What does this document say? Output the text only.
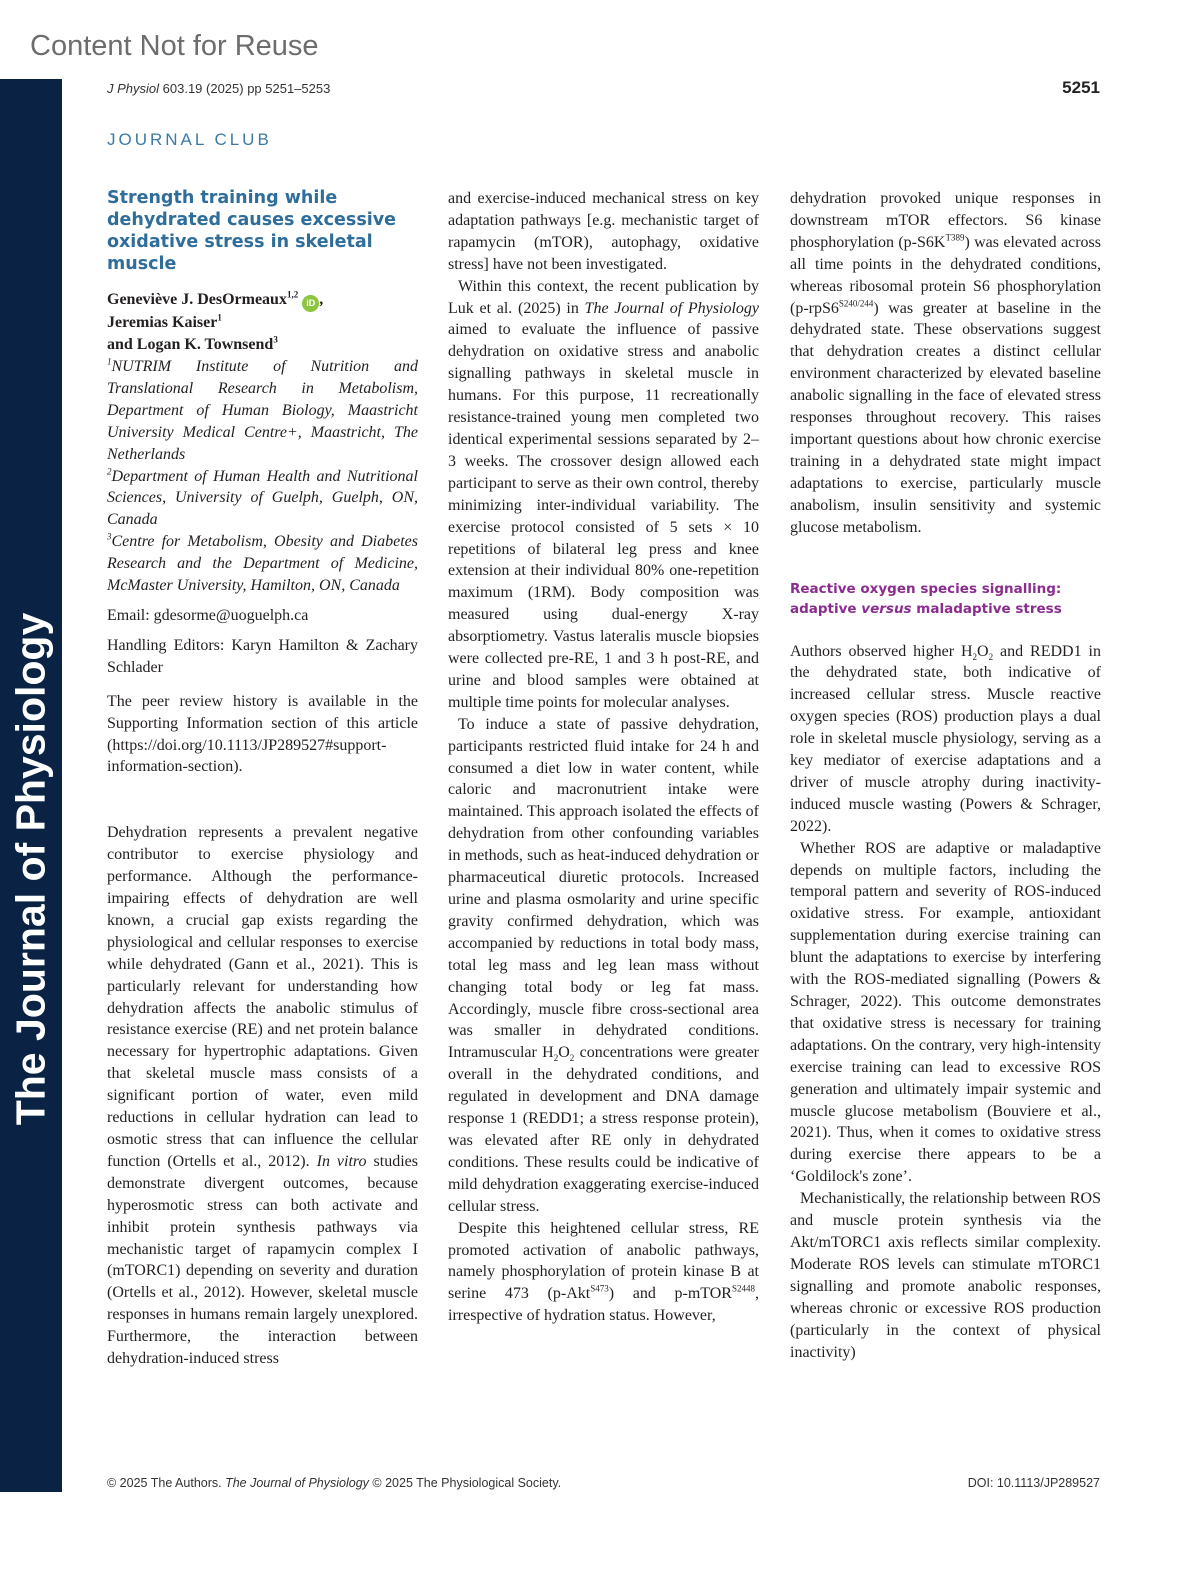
Content Not for Reuse
The Journal of Physiology
J Physiol 603.19 (2025) pp 5251–5253	5251
JOURNAL CLUB
Strength training while dehydrated causes excessive oxidative stress in skeletal muscle
Geneviève J. DesOrmeaux$^{1,2}$ iD ,
Jeremias Kaiser$^1$
and Logan K. Townsend$^3$

$^1$NUTRIM Institute of Nutrition and Translational Research in Metabolism, Department of Human Biology, Maastricht University Medical Centre+, Maastricht, The Netherlands

$^2$Department of Human Health and Nutritional Sciences, University of Guelph, Guelph, ON, Canada

$^3$Centre for Metabolism, Obesity and Diabetes Research and the Department of Medicine, McMaster University, Hamilton, ON, Canada

Email: gdesorme@uoguelph.ca

Handling Editors: Karyn Hamilton & Zachary Schlader

The peer review history is available in the Supporting Information section of this article (https://doi.org/10.1113/JP289527#support-information-section).

Dehydration represents a prevalent negative contributor to exercise physiology and performance. Although the performance-impairing effects of dehydration are well known, a crucial gap exists regarding the physiological and cellular responses to exercise while dehydrated (Gann et al., 2021). This is particularly relevant for understanding how dehydration affects the anabolic stimulus of resistance exercise (RE) and net protein balance necessary for hypertrophic adaptations. Given that skeletal muscle mass consists of a significant portion of water, even mild reductions in cellular hydration can lead to osmotic stress that can influence the cellular function (Ortells et al., 2012). In vitro studies demonstrate divergent outcomes, because hyperosmotic stress can both activate and inhibit protein synthesis pathways via mechanistic target of rapamycin complex I (mTORC1) depending on severity and duration (Ortells et al., 2012). However, skeletal muscle responses in humans remain largely unexplored. Furthermore, the interaction between dehydration-induced stress

and exercise-induced mechanical stress on key adaptation pathways [e.g. mechanistic target of rapamycin (mTOR), autophagy, oxidative stress] have not been investigated.

Within this context, the recent publication by Luk et al. (2025) in The Journal of Physiology aimed to evaluate the influence of passive dehydration on oxidative stress and anabolic signalling pathways in skeletal muscle in humans. For this purpose, 11 recreationally resistance-trained young men completed two identical experimental sessions separated by 2–3 weeks. The crossover design allowed each participant to serve as their own control, thereby minimizing inter-individual variability. The exercise protocol consisted of 5 sets × 10 repetitions of bilateral leg press and knee extension at their individual 80% one-repetition maximum (1RM). Body composition was measured using dual-energy X-ray absorptiometry. Vastus lateralis muscle biopsies were collected pre-RE, 1 and 3 h post-RE, and urine and blood samples were obtained at multiple time points for molecular analyses.

To induce a state of passive dehydration, participants restricted fluid intake for 24 h and consumed a diet low in water content, while caloric and macronutrient intake were maintained. This approach isolated the effects of dehydration from other confounding variables in methods, such as heat-induced dehydration or pharmaceutical diuretic protocols. Increased urine and plasma osmolarity and urine specific gravity confirmed dehydration, which was accompanied by reductions in total body mass, total leg mass and leg lean mass without changing total body or leg fat mass. Accordingly, muscle fibre cross-sectional area was smaller in dehydrated conditions. Intramuscular $H_2O_2$ concentrations were greater overall in the dehydrated conditions, and regulated in development and DNA damage response 1 (REDD1; a stress response protein), was elevated after RE only in dehydrated conditions. These results could be indicative of mild dehydration exaggerating exercise-induced cellular stress.

Despite this heightened cellular stress, RE promoted activation of anabolic pathways, namely phosphorylation of protein kinase B at serine 473 (p-Akt$^{S473}$) and p-mTOR$^{S2448}$, irrespective of hydration status. However,

dehydration provoked unique responses in downstream mTOR effectors. S6 kinase phosphorylation $(p-S6K^{T389})$ was elevated across all time points in the dehydrated conditions, whereas ribosomal protein S6 phosphorylation $(p-rpS6^{S240/244})$ was greater at baseline in the dehydrated state. These observations suggest that dehydration creates a distinct cellular environment characterized by elevated baseline anabolic signalling in the face of elevated stress responses throughout recovery. This raises important questions about how chronic exercise training in a dehydrated state might impact adaptations to exercise, particularly muscle anabolism, insulin sensitivity and systemic glucose metabolism.

Reactive oxygen species signalling: adaptive versus maladaptive stress

Authors observed higher $H_2O_2$ and REDD1 in the dehydrated state, both indicative of increased cellular stress. Muscle reactive oxygen species (ROS) production plays a dual role in skeletal muscle physiology, serving as a key mediator of exercise adaptations and a driver of muscle atrophy during inactivity-induced muscle wasting (Powers & Schrager, 2022).

Whether ROS are adaptive or maladaptive depends on multiple factors, including the temporal pattern and severity of ROS-induced oxidative stress. For example, antioxidant supplementation during exercise training can blunt the adaptations to exercise by interfering with the ROS-mediated signalling (Powers & Schrager, 2022). This outcome demonstrates that oxidative stress is necessary for training adaptations. On the contrary, very high-intensity exercise training can lead to excessive ROS generation and ultimately impair systemic and muscle glucose metabolism (Bouviere et al., 2021). Thus, when it comes to oxidative stress during exercise there appears to be a ‘Goldilock's zone’.

Mechanistically, the relationship between ROS and muscle protein synthesis via the Akt/mTORC1 axis reflects similar complexity. Moderate ROS levels can stimulate mTORC1 signalling and promote anabolic responses, whereas chronic or excessive ROS production (particularly in the context of physical inactivity)

© 2025 The Authors. The Journal of Physiology © 2025 The Physiological Society.	DOI: 10.1113/JP289527
